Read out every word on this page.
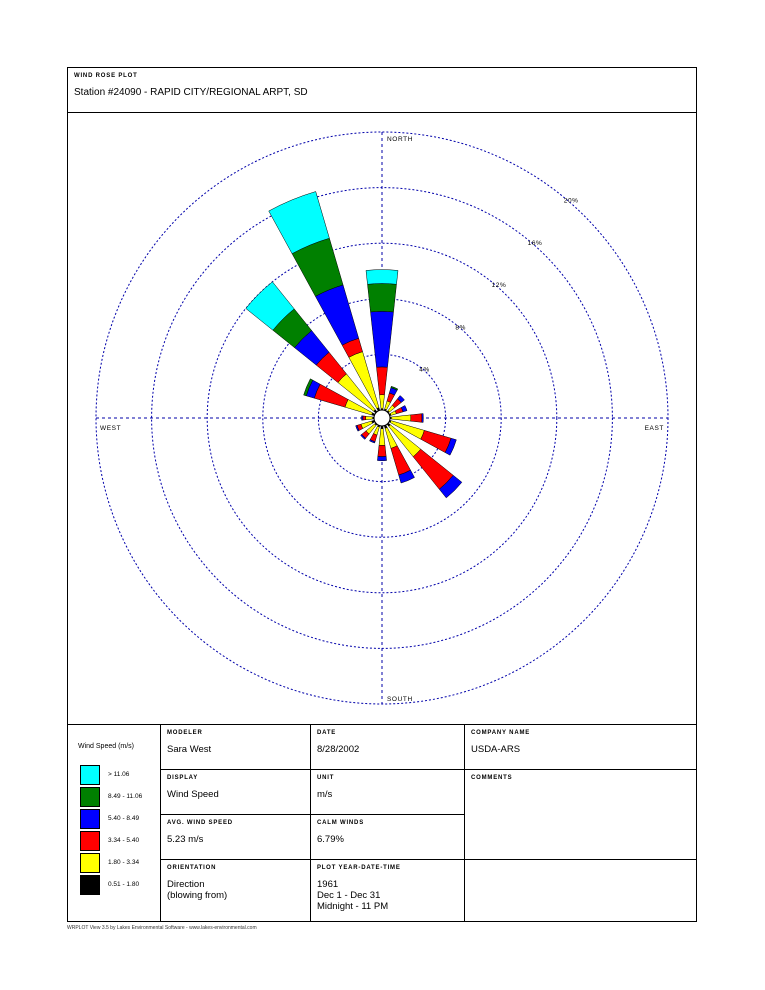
WIND ROSE PLOT
Station #24090 - RAPID CITY/REGIONAL ARPT, SD
NORTH
SOUTH
EAST
WEST
4%
8%
12%
16%
20%
Wind Speed (m/s)
> 11.06
8.49 - 11.06
5.40 - 8.49
3.34 - 5.40
1.80 - 3.34
0.51 - 1.80
MODELER
Sara West
DATE
8/28/2002
COMPANY NAME
USDA-ARS
DISPLAY
Wind Speed
UNIT
m/s
COMMENTS
AVG. WIND SPEED
5.23 m/s
CALM WINDS
6.79%
ORIENTATION
Direction
(blowing from)
PLOT YEAR-DATE-TIME
1961
Dec 1 - Dec 31
Midnight - 11 PM
WRPLOT View 3.5 by Lakes Environmental Software - www.lakes-environmental.com
